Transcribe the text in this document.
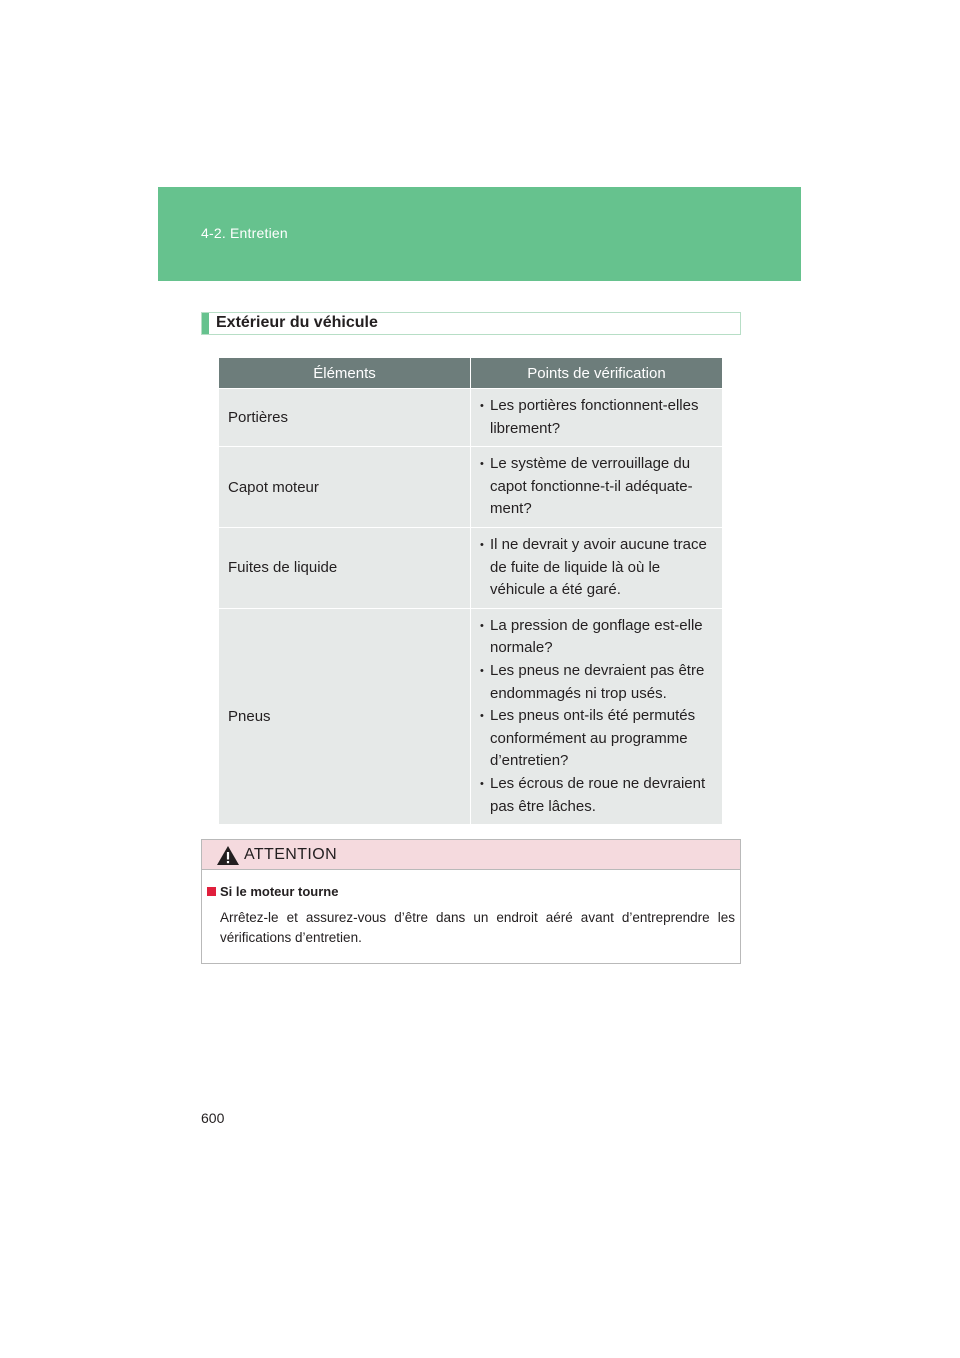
4-2. Entretien
Extérieur du véhicule
Éléments	Points de vérification
Portières	• Les portières fonctionnent-elles librement?

Capot moteur	• Le système de verrouillage du capot fonctionne-t-il adéquate-ment?

Fuites de liquide	• Il ne devrait y avoir aucune trace de fuite de liquide là où le véhicule a été garé.

Pneus	• La pression de gonflage est-elle normale?
• Les pneus ne devraient pas être endommagés ni trop usés.
• Les pneus ont-ils été permutés conformément au programme d’entretien?
• Les écrous de roue ne devraient pas être lâches.
ATTENTION
Si le moteur tourne
Arrêtez-le et assurez-vous d’être dans un endroit aéré avant d’entreprendre les vérifications d’entretien.
600
